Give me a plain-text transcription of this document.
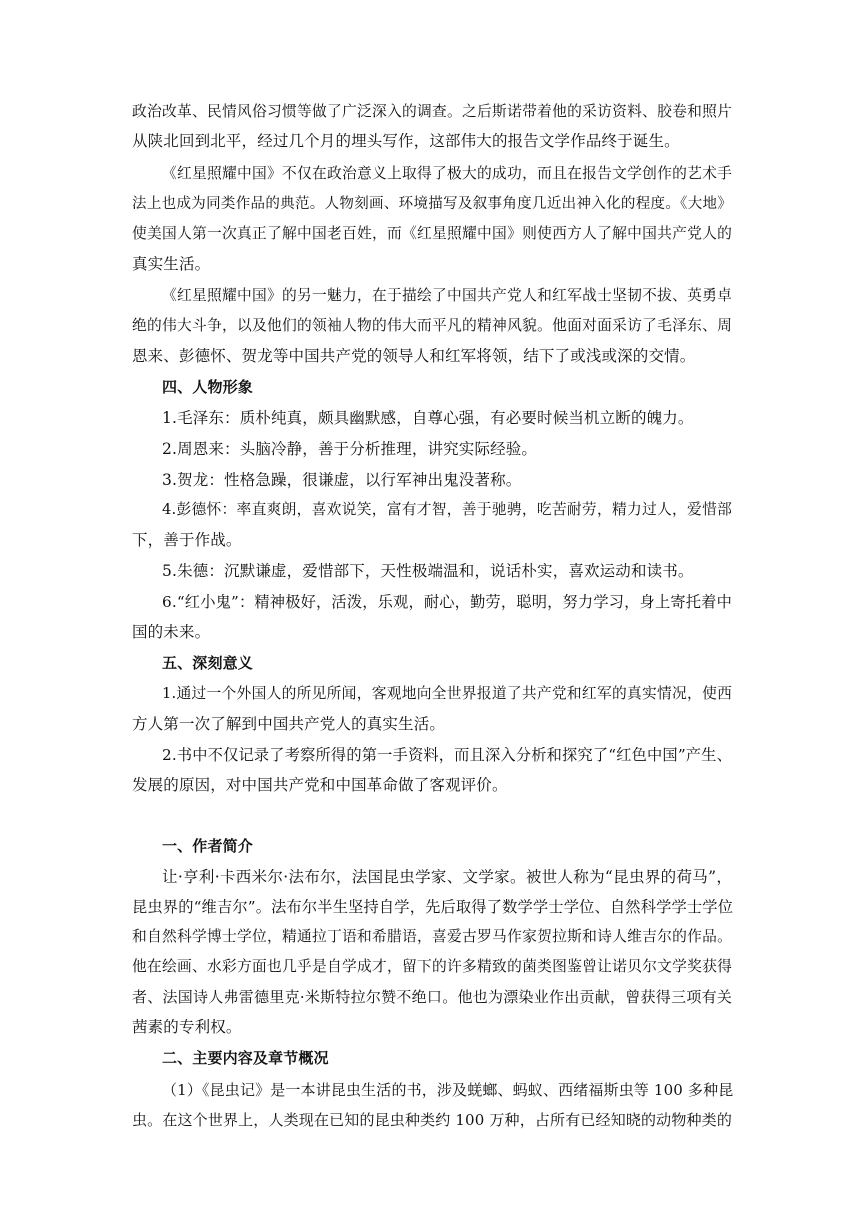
政治改革、民情风俗习惯等做了广泛深入的调查。之后斯诺带着他的采访资料、胶卷和照片
从陕北回到北平，经过几个月的埋头写作，这部伟大的报告文学作品终于诞生。
《红星照耀中国》不仅在政治意义上取得了极大的成功，而且在报告文学创作的艺术手
法上也成为同类作品的典范。人物刻画、环境描写及叙事角度几近出神入化的程度。《大地》
使美国人第一次真正了解中国老百姓，而《红星照耀中国》则使西方人了解中国共产党人的
真实生活。
《红星照耀中国》的另一魅力，在于描绘了中国共产党人和红军战士坚韧不拔、英勇卓
绝的伟大斗争，以及他们的领袖人物的伟大而平凡的精神风貌。他面对面采访了毛泽东、周
恩来、彭德怀、贺龙等中国共产党的领导人和红军将领，结下了或浅或深的交情。
四、人物形象
1.毛泽东：质朴纯真，颇具幽默感，自尊心强，有必要时候当机立断的魄力。
2.周恩来：头脑冷静，善于分析推理，讲究实际经验。
3.贺龙：性格急躁，很谦虚，以行军神出鬼没著称。
4.彭德怀：率直爽朗，喜欢说笑，富有才智，善于驰骋，吃苦耐劳，精力过人，爱惜部
下，善于作战。
5.朱德：沉默谦虚，爱惜部下，天性极端温和，说话朴实，喜欢运动和读书。
6.“红小鬼”：精神极好，活泼，乐观，耐心，勤劳，聪明，努力学习，身上寄托着中
国的未来。
五、深刻意义
1.通过一个外国人的所见所闻，客观地向全世界报道了共产党和红军的真实情况，使西
方人第一次了解到中国共产党人的真实生活。
2.书中不仅记录了考察所得的第一手资料，而且深入分析和探究了“红色中国”产生、
发展的原因，对中国共产党和中国革命做了客观评价。
一、作者简介
让·亨利·卡西米尔·法布尔，法国昆虫学家、文学家。被世人称为“昆虫界的荷马”，
昆虫界的“维吉尔”。法布尔半生坚持自学，先后取得了数学学士学位、自然科学学士学位
和自然科学博士学位，精通拉丁语和希腊语，喜爱古罗马作家贺拉斯和诗人维吉尔的作品。
他在绘画、水彩方面也几乎是自学成才，留下的许多精致的菌类图鉴曾让诺贝尔文学奖获得
者、法国诗人弗雷德里克·米斯特拉尔赞不绝口。他也为漂染业作出贡献，曾获得三项有关
茜素的专利权。
二、主要内容及章节概况
（1）《昆虫记》是一本讲昆虫生活的书，涉及蜣螂、蚂蚁、西绪福斯虫等 100 多种昆
虫。在这个世界上，人类现在已知的昆虫种类约 100 万种，占所有已经知晓的动物种类的
